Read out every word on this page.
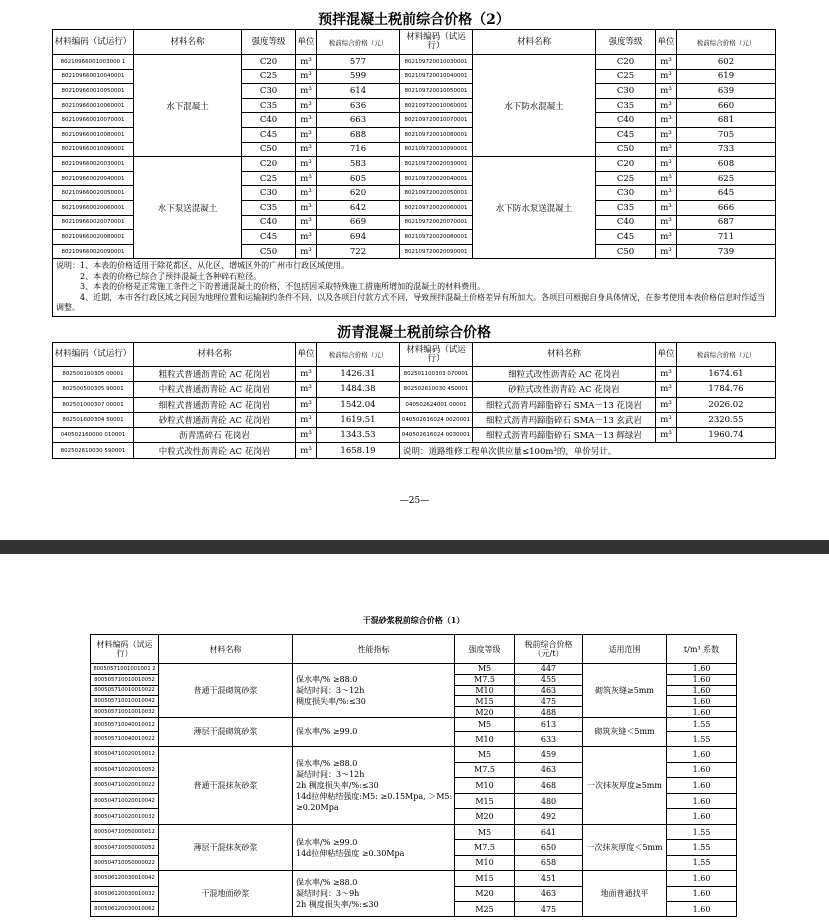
预拌混凝土税前综合价格（2）									
材料编码（试运行）	材料名称	强度等级	单位	税前综合价格（元）	材料编码（试运行）	材料名称	强度等级	单位	税前综合价格（元）
80210966001003000 1	水下混凝土	C20	m³	577	802109720010030001	水下防水混凝土	C20	m³	602
802109660010040001		C25	m³	599	802109720010040001		C25	m³	619
802109660010050001		C30	m³	614	802109720010050001		C30	m³	639
802109660010060001		C35	m³	636	802109720010060001		C35	m³	660
802109660010070001		C40	m³	663	802109720010070001		C40	m³	681
802109660010080001		C45	m³	688	802109720010080001		C45	m³	705
802109660010090001		C50	m³	716	802109720010090001		C50	m³	733
802109660020030001	水下泵送混凝土	C20	m³	583	802109720020030001	水下防水泵送混凝土	C20	m³	608
802109660020040001		C25	m³	605	802109720020040001		C25	m³	625
802109660020050001		C30	m³	620	802109720020050001		C30	m³	645
802109660020060001		C35	m³	642	802109720020060001		C35	m³	666
802109660020070001		C40	m³	669	802109720020070001		C40	m³	687
802109660020080001		C45	m³	694	802109720020080001		C45	m³	711
802109660020090001		C50	m³	722	802109720020090001		C50	m³	739

说明：1、本表的价格适用于除花都区、从化区、增城区外的广州市行政区域使用。
　　　2、本表的价格已综合了预拌混凝土各种碎石粒径。
　　　3、本表的价格是正常施工条件之下的普通混凝土的价格，不包括因采取特殊施工措施所增加的混凝土的材料费用。
　　　4、近期，本市各行政区域之间因为地理位置和运输制约条件不同，以及各项目付款方式不同，导致预拌混凝土价格差异有所加大。各项目可根据自身具体情况，在参考使用本表价格信息时作适当调整。									
沥青混凝土税前综合价格							
材料编码（试运行）	材料名称	单位	税前综合价格（元）	材料编码（试运行）	材料名称	单位	税前综合价格（元）
802500100305 00001	粗粒式普通沥青砼 AC 花岗岩	m³	1426.31	802501100303 070001	细粒式改性沥青砼 AC 花岗岩	m³	1674.61
802500500305 90001	中粒式普通沥青砼 AC 花岗岩	m³	1484.38	802502610030 450001	砂粒式改性沥青砼 AC 花岗岩	m³	1784.76
802501000307 00001	细粒式普通沥青砼 AC 花岗岩	m³	1542.04	040502624001 00001	细粒式沥青玛蹄脂碎石 SMA－13 花岗岩	m³	2026.02
802501600304 50001	砂粒式普通沥青砼 AC 花岗岩	m³	1619.51	040502616024 0020001	细粒式沥青玛蹄脂碎石 SMA－13 玄武岩	m³	2320.55
040502160000 010001	沥青黑碎石 花岗岩	m³	1343.53	040502616024 0030001	细粒式沥青玛蹄脂碎石 SMA－13 辉绿岩	m³	1960.74
802502610030 590001	中粒式改性沥青砼 AC 花岗岩	m³	1658.19	说明：道路维修工程单次供应量≤100m³的，单价另计。			
—25—
干混砂浆税前综合价格（1）						
材料编码（试运行）	材料名称	性能指标	强度等级	税前综合价格（元/t）	适用范围	t/m³ 系数
80050571001001001 2	普通干混砌筑砂浆	保水率/% ≥88.0
凝结时间：3～12h
稠度损失率/%:≤30	M5	447	砌筑灰缝≥5mm	1.60
800505710010010052			M7.5	455		1.60
800505710010010022			M10	463		1.60
800505710010010042			M15	475		1.60
800505710010010032			M20	488		1.60
800505710040010012	薄层干混砌筑砂浆	保水率/% ≥99.0	M5	613	砌筑灰缝＜5mm	1.55
800505710040010022			M10	633		1.55
800504710020010012	普通干混抹灰砂浆	保水率/% ≥88.0
凝结时间：3～12h
2h 稠度损失率/%:≤30
14d拉伸粘结强度:M5: ≥0.15Mpa, ＞M5: ≥0.20Mpa	M5	459	一次抹灰厚度≥5mm	1.60
800504710020010052			M7.5	463		1.60
800504710020010022			M10	468		1.60
800504710020010042			M15	480		1.60
800504710020010032			M20	492		1.60
800504710050000012	薄层干混抹灰砂浆	保水率/% ≥99.0
14d拉伸粘结强度 ≥0.30Mpa	M5	641	一次抹灰厚度＜5mm	1.55
800504710050000052			M7.5	650		1.55
800504710050000022			M10	658		1.55
800506120030010042	干混地面砂浆	保水率/% ≥88.0
凝结时间：3～9h
2h 稠度损失率/%:≤30	M15	451	地面普通找平	1.60
800506120030010032			M20	463		1.60
800506120030010062			M25	475		1.60
